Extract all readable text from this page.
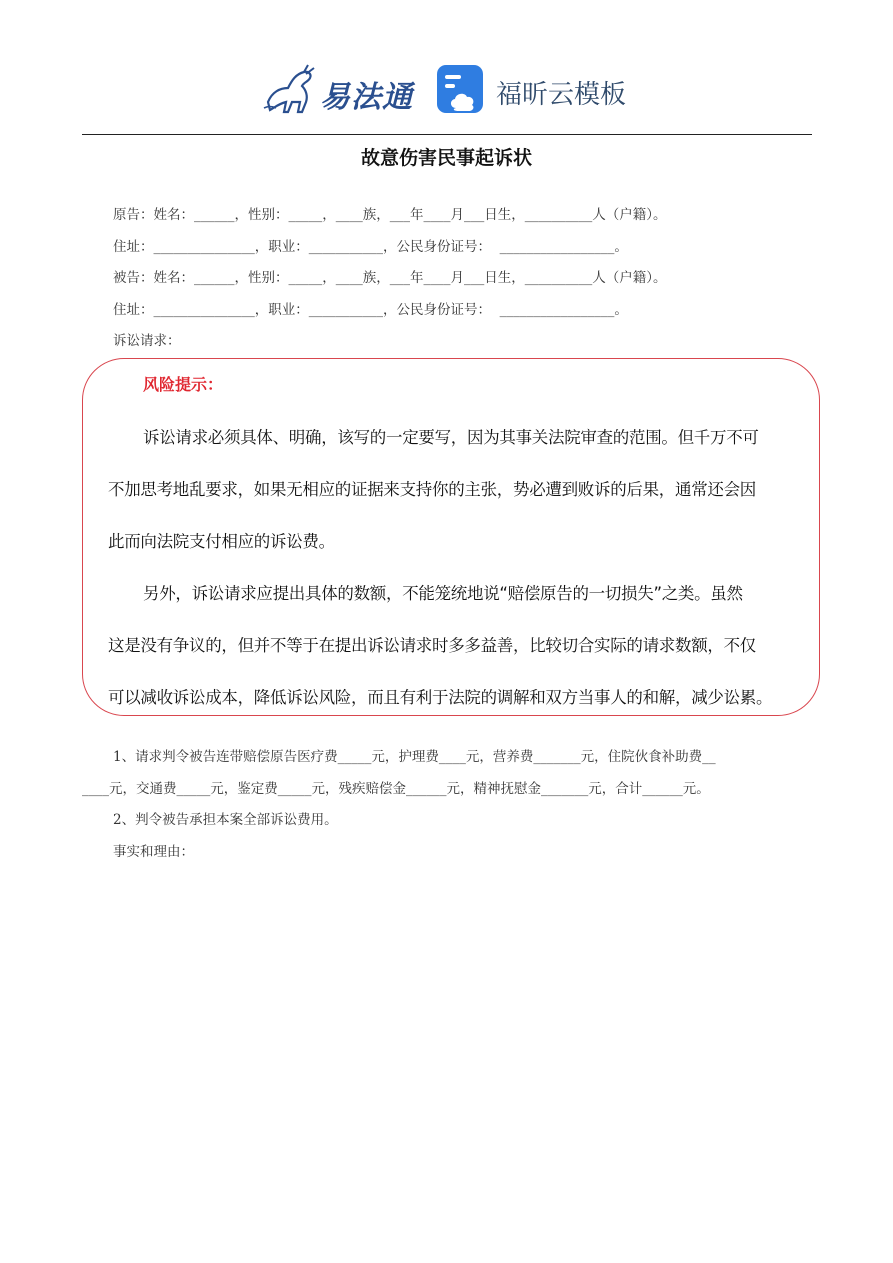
易法通	福昕云模板
故意伤害民事起诉状
原告：姓名：______，性别：_____，____族，___年____月___日生，__________人（户籍）。
住址：_______________，职业：___________，公民身份证号：  _________________。
被告：姓名：______，性别：_____，____族，___年____月___日生，__________人（户籍）。
住址：_______________，职业：___________，公民身份证号：  _________________。
诉讼请求：
风险提示：
诉讼请求必须具体、明确，该写的一定要写，因为其事关法院审查的范围。但千万不可
不加思考地乱要求，如果无相应的证据来支持你的主张，势必遭到败诉的后果，通常还会因
此而向法院支付相应的诉讼费。
另外，诉讼请求应提出具体的数额，不能笼统地说“赔偿原告的一切损失”之类。虽然
这是没有争议的，但并不等于在提出诉讼请求时多多益善，比较切合实际的请求数额，不仅
可以减收诉讼成本，降低诉讼风险，而且有利于法院的调解和双方当事人的和解，减少讼累。
1、请求判令被告连带赔偿原告医疗费_____元，护理费____元，营养费_______元，住院伙食补助费__
____元，交通费_____元，鉴定费_____元，残疾赔偿金______元，精神抚慰金_______元，合计______元。
2、判令被告承担本案全部诉讼费用。
事实和理由：
